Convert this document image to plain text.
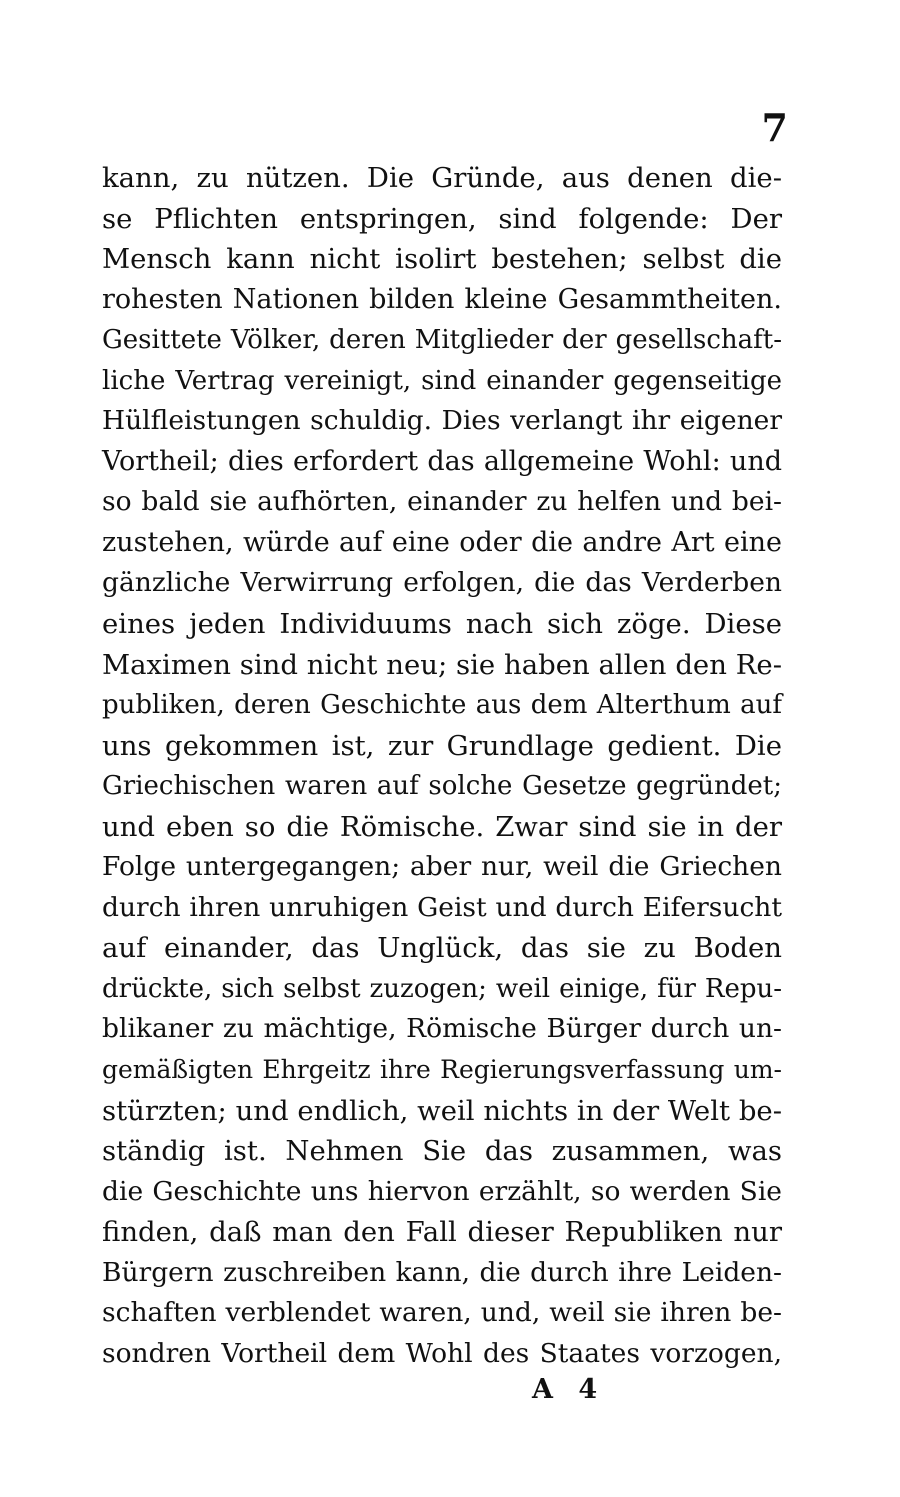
7
kann, zu nützen. Die Gründe, aus denen die-
se Pflichten entspringen, sind folgende: Der
Mensch kann nicht isolirt bestehen; selbst die
rohesten Nationen bilden kleine Gesammtheiten.
Gesittete Völker, deren Mitglieder der gesellschaft-
liche Vertrag vereinigt, sind einander gegenseitige
Hülfleistungen schuldig. Dies verlangt ihr eigener
Vortheil; dies erfordert das allgemeine Wohl: und
so bald sie aufhörten, einander zu helfen und bei-
zustehen, würde auf eine oder die andre Art eine
gänzliche Verwirrung erfolgen, die das Verderben
eines jeden Individuums nach sich zöge. Diese
Maximen sind nicht neu; sie haben allen den Re-
publiken, deren Geschichte aus dem Alterthum auf
uns gekommen ist, zur Grundlage gedient. Die
Griechischen waren auf solche Gesetze gegründet;
und eben so die Römische. Zwar sind sie in der
Folge untergegangen; aber nur, weil die Griechen
durch ihren unruhigen Geist und durch Eifersucht
auf einander, das Unglück, das sie zu Boden
drückte, sich selbst zuzogen; weil einige, für Repu-
blikaner zu mächtige, Römische Bürger durch un-
gemäßigten Ehrgeitz ihre Regierungsverfassung um-
stürzten; und endlich, weil nichts in der Welt be-
ständig ist. Nehmen Sie das zusammen, was
die Geschichte uns hiervon erzählt, so werden Sie
finden, daß man den Fall dieser Republiken nur
Bürgern zuschreiben kann, die durch ihre Leiden-
schaften verblendet waren, und, weil sie ihren be-
sondren Vortheil dem Wohl des Staates vorzogen,
A 4
